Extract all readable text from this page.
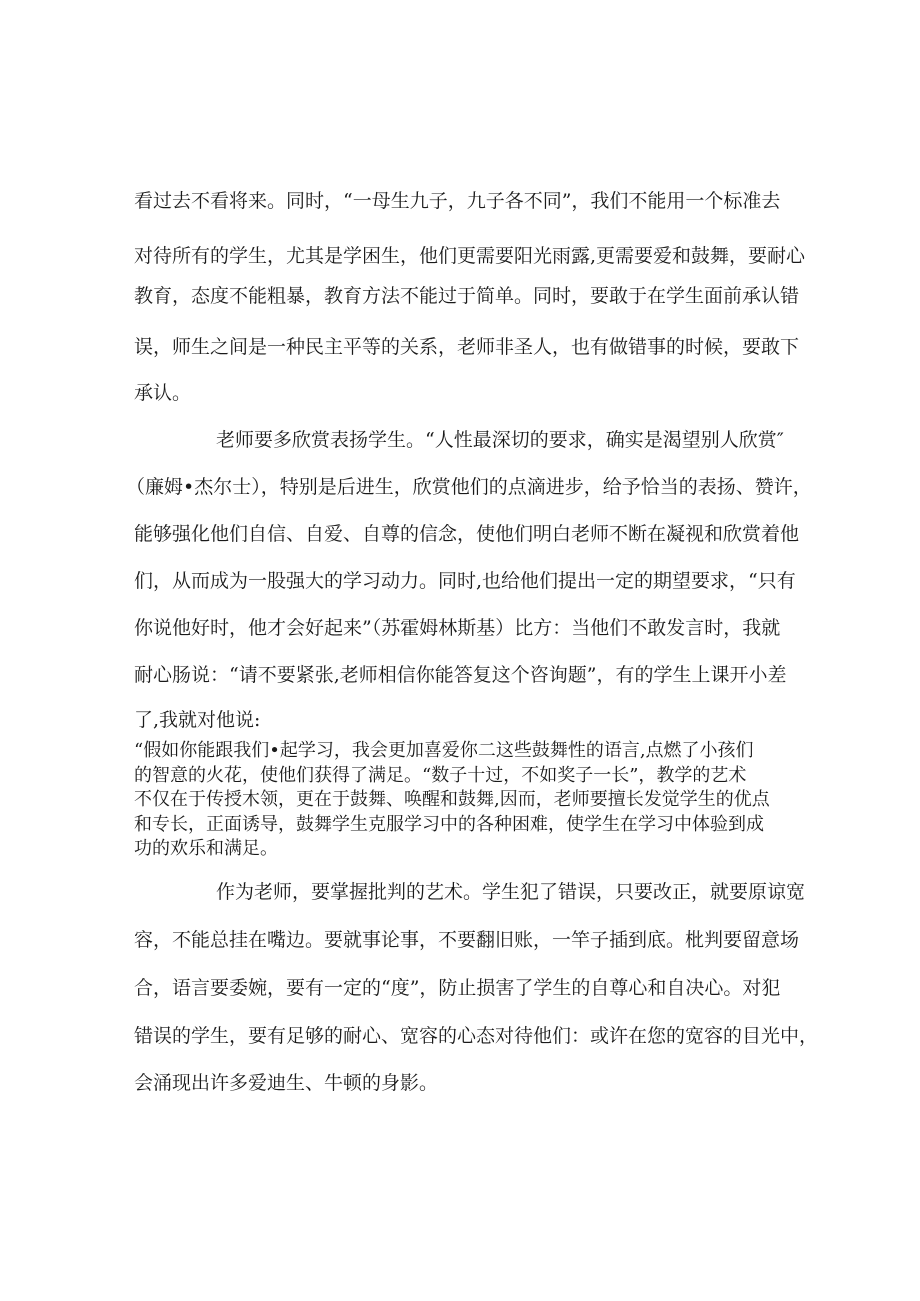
看过去不看将来。同时，“一母生九子，九子各不同”，我们不能用一个标准去
对待所有的学生，尤其是学困生，他们更需要阳光雨露,更需要爱和鼓舞，要耐心
教育，态度不能粗暴，教育方法不能过于简单。同时，要敢于在学生面前承认错
误，师生之间是一种民主平等的关系，老师非圣人，也有做错事的时候，要敢下
承认。
老师要多欣赏表扬学生。“人性最深切的要求，确实是渴望别人欣赏″
（廉姆•杰尔士），特别是后进生，欣赏他们的点滴进步，给予恰当的表扬、赞许，
能够强化他们自信、自爱、自尊的信念，使他们明白老师不断在凝视和欣赏着他
们，从而成为一股强大的学习动力。同时,也给他们提出一定的期望要求，“只有
你说他好时，他才会好起来”（苏霍姆林斯基）比方：当他们不敢发言时，我就
耐心肠说：“请不要紧张,老师相信你能答复这个咨询题”，有的学生上课开小差
了,我就对他说:
“假如你能跟我们•起学习，我会更加喜爱你二这些鼓舞性的语言,点燃了小孩们
的智意的火花，使他们获得了满足。“数子十过，不如奖子一长”，教学的艺术
不仅在于传授木领，更在于鼓舞、唤醒和鼓舞,因而，老师要擅长发觉学生的优点
和专长，正面诱导，鼓舞学生克服学习中的各种困难，使学生在学习中体验到成
功的欢乐和满足。
作为老师，要掌握批判的艺术。学生犯了错误，只要改正，就要原谅宽
容，不能总挂在嘴边。要就事论事，不要翻旧账，一竿子插到底。枇判要留意场
合，语言要委婉，要有一定的“度”，防止损害了学生的自尊心和自决心。对犯
错误的学生，要有足够的耐心、宽容的心态对待他们：或许在您的宽容的目光中，
会涌现出许多爱迪生、牛顿的身影。
